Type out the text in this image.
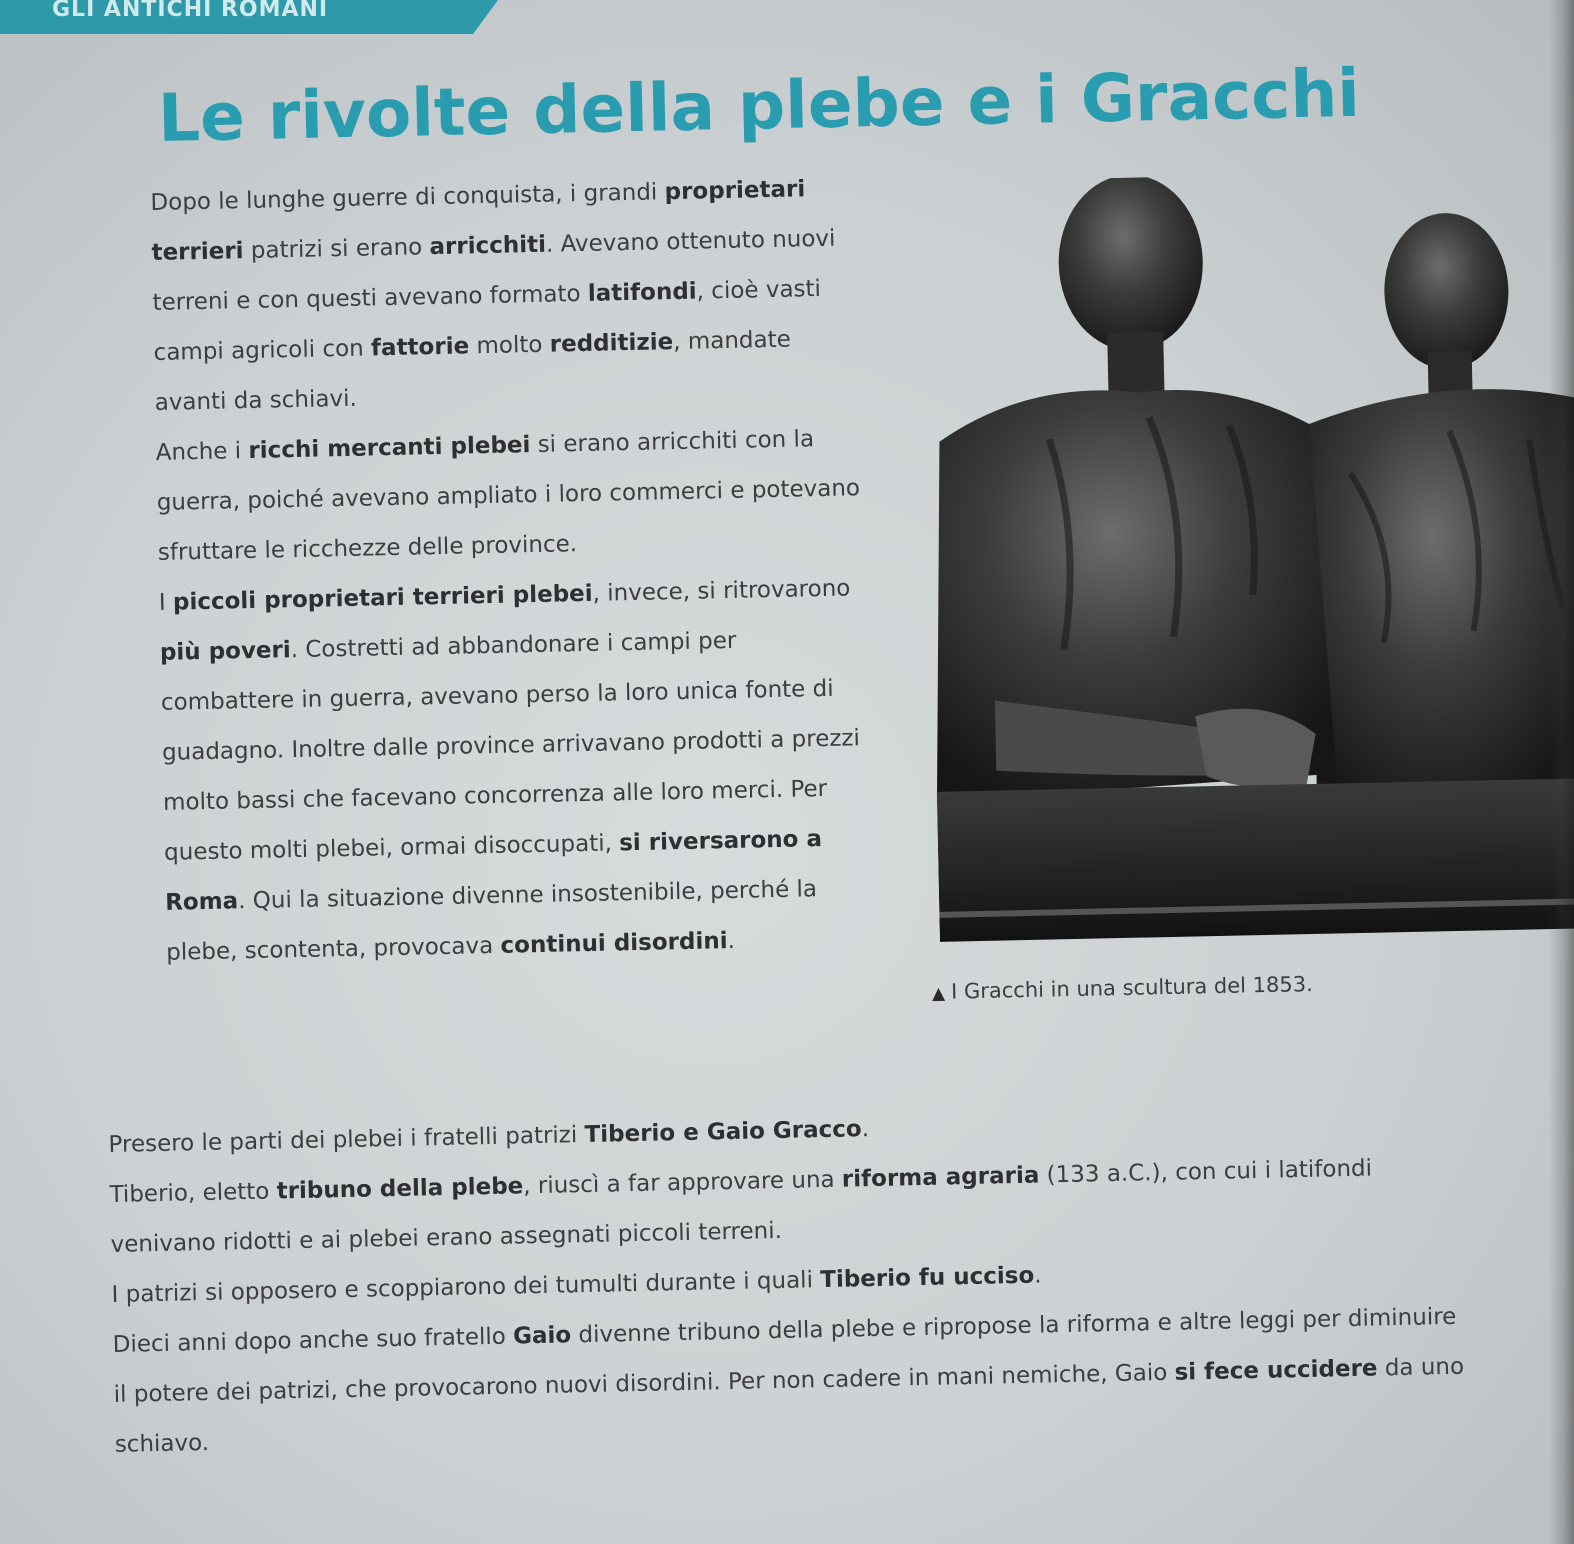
GLI ANTICHI ROMANI
Le rivolte della plebe e i Gracchi

Dopo le lunghe guerre di conquista, i grandi proprietari terrieri patrizi si erano arricchiti. Avevano ottenuto nuovi terreni e con questi avevano formato latifondi, cioè vasti campi agricoli con fattorie molto redditizie, mandate avanti da schiavi.

Anche i ricchi mercanti plebei si erano arricchiti con la guerra, poiché avevano ampliato i loro commerci e potevano sfruttare le ricchezze delle province.

I piccoli proprietari terrieri plebei, invece, si ritrovarono più poveri. Costretti ad abbandonare i campi per combattere in guerra, avevano perso la loro unica fonte di guadagno. Inoltre dalle province arrivavano prodotti a prezzi molto bassi che facevano concorrenza alle loro merci. Per questo molti plebei, ormai disoccupati, si riversarono a Roma. Qui la situazione divenne insostenibile, perché la plebe, scontenta, provocava continui disordini.

▲ I Gracchi in una scultura del 1853.

Presero le parti dei plebei i fratelli patrizi Tiberio e Gaio Gracco.

Tiberio, eletto tribuno della plebe, riuscì a far approvare una riforma agraria (133 a.C.), con cui i latifondi venivano ridotti e ai plebei erano assegnati piccoli terreni.

I patrizi si opposero e scoppiarono dei tumulti durante i quali Tiberio fu ucciso.

Dieci anni dopo anche suo fratello Gaio divenne tribuno della plebe e ripropose la riforma e altre leggi per diminuire il potere dei patrizi, che provocarono nuovi disordini. Per non cadere in mani nemiche, Gaio si fece uccidere da uno schiavo.
